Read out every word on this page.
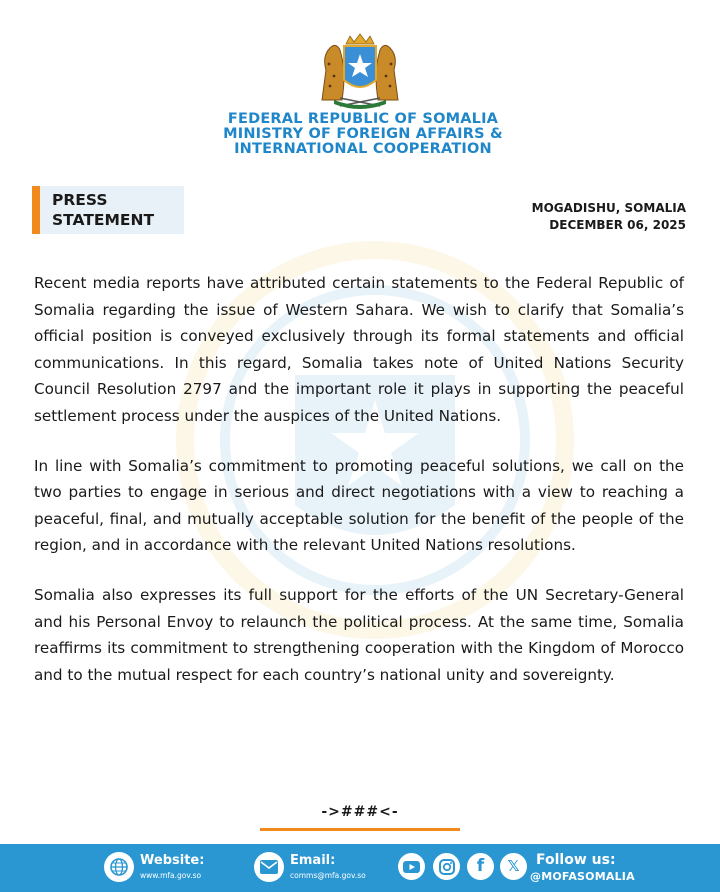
FEDERAL REPUBLIC OF SOMALIA
MINISTRY OF FOREIGN AFFAIRS &
INTERNATIONAL COOPERATION
PRESS
STATEMENT
MOGADISHU, SOMALIA
DECEMBER 06, 2025

Recent media reports have attributed certain statements to the Federal Republic of Somalia regarding the issue of Western Sahara. We wish to clarify that Somalia’s official position is conveyed exclusively through its formal statements and official communications. In this regard, Somalia takes note of United Nations Security Council Resolution 2797 and the important role it plays in supporting the peaceful settlement process under the auspices of the United Nations.

In line with Somalia’s commitment to promoting peaceful solutions, we call on the two parties to engage in serious and direct negotiations with a view to reaching a peaceful, final, and mutually acceptable solution for the benefit of the people of the region, and in accordance with the relevant United Nations resolutions.

Somalia also expresses its full support for the efforts of the UN Secretary-General and his Personal Envoy to relaunch the political process. At the same time, Somalia reaffirms its commitment to strengthening cooperation with the Kingdom of Morocco and to the mutual respect for each country’s national unity and sovereignty.

->###<-
Website:
www.mfa.gov.so
Email:
comms@mfa.gov.so	f 𝕏 Follow us:
@MOFASOMALIA
